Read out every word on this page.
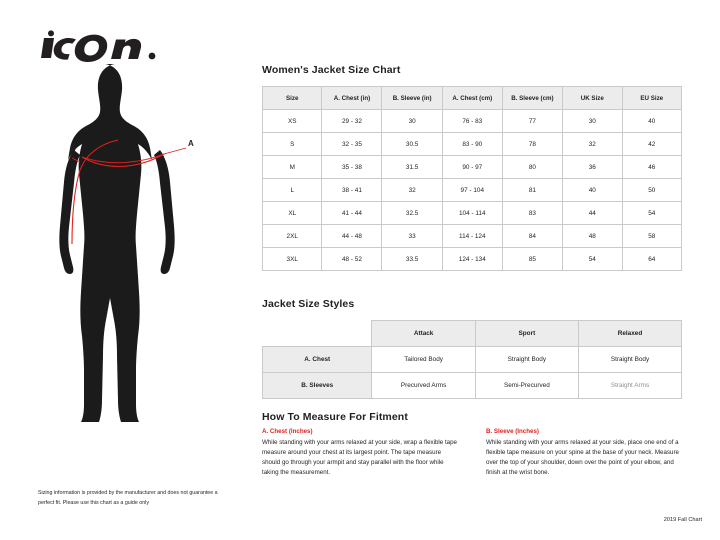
B
A
Sizing information is provided by the manufacturer and does not guarantee a perfect fit. Please use this chart as a guide only
Women's Jacket Size Chart
Size	A. Chest (in)	B. Sleeve (in)	A. Chest (cm)	B. Sleeve (cm)	UK Size	EU Size
XS	29 - 32	30	76 - 83	77	30	40
S	32 - 35	30.5	83 - 90	78	32	42
M	35 - 38	31.5	90 - 97	80	36	46
L	38 - 41	32	97 - 104	81	40	50
XL	41 - 44	32.5	104 - 114	83	44	54
2XL	44 - 48	33	114 - 124	84	48	58
3XL	48 - 52	33.5	124 - 134	85	54	64
Jacket Size Styles
	Attack	Sport	Relaxed
A. Chest	Tailored Body	Straight Body	Straight Body
B. Sleeves	Precurved Arms	Semi-Precurved	Straight Arms
How To Measure For Fitment
A. Chest (Inches)
While standing with your arms relaxed at your side, wrap a flexible tape measure around your chest at its largest point. The tape measure should go through your armpit and stay parallel with the floor while taking the measurement.
B. Sleeve (Inches)
While standing with your arms relaxed at your side, place one end of a flexible tape measure on your spine at the base of your neck. Measure over the top of your shoulder, down over the point of your elbow, and finish at the wrist bone.
2019 Fall Chart
